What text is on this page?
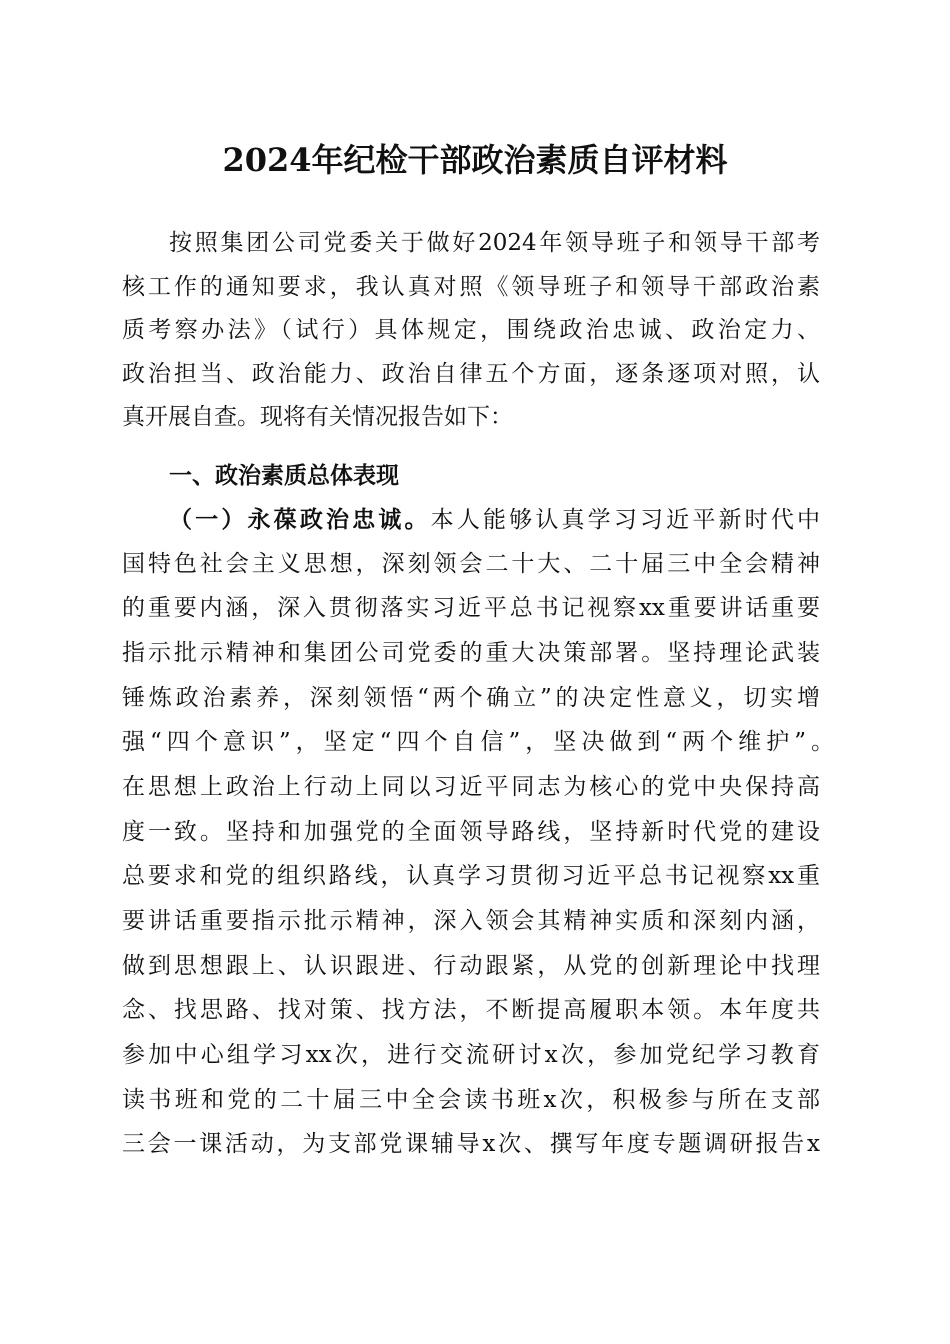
2024年纪检干部政治素质自评材料
按照集团公司党委关于做好2024年领导班子和领导干部考
核工作的通知要求，我认真对照《领导班子和领导干部政治素
质考察办法》（试行）具体规定，围绕政治忠诚、政治定力、
政治担当、政治能力、政治自律五个方面，逐条逐项对照，认
真开展自查。现将有关情况报告如下：
一、政治素质总体表现
（一）永葆政治忠诚。本人能够认真学习习近平新时代中
国特色社会主义思想，深刻领会二十大、二十届三中全会精神
的重要内涵，深入贯彻落实习近平总书记视察xx重要讲话重要
指示批示精神和集团公司党委的重大决策部署。坚持理论武装
锤炼政治素养，深刻领悟“两个确立”的决定性意义，切实增
强“四个意识”，坚定“四个自信”，坚决做到“两个维护”。
在思想上政治上行动上同以习近平同志为核心的党中央保持高
度一致。坚持和加强党的全面领导路线，坚持新时代党的建设
总要求和党的组织路线，认真学习贯彻习近平总书记视察xx重
要讲话重要指示批示精神，深入领会其精神实质和深刻内涵，
做到思想跟上、认识跟进、行动跟紧，从党的创新理论中找理
念、找思路、找对策、找方法，不断提高履职本领。本年度共
参加中心组学习xx次，进行交流研讨x次，参加党纪学习教育
读书班和党的二十届三中全会读书班x次，积极参与所在支部
三会一课活动，为支部党课辅导x次、撰写年度专题调研报告x
